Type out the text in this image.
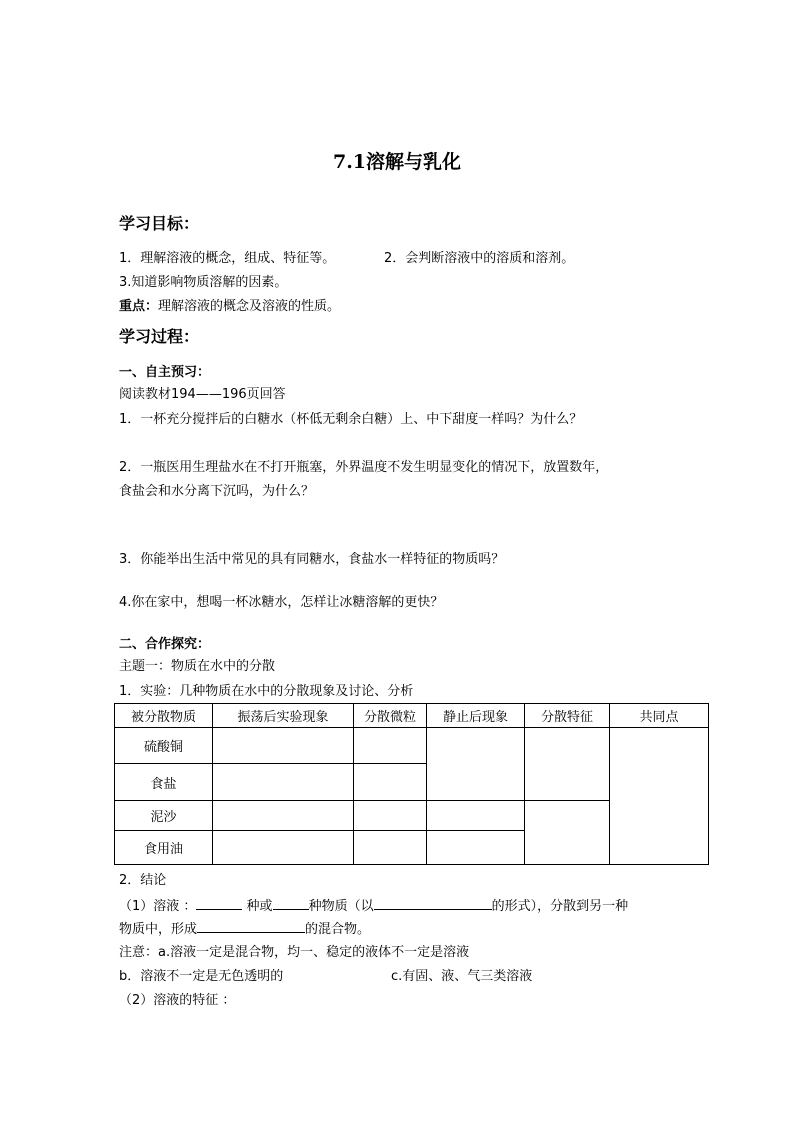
7.1溶解与乳化
学习目标：
1．理解溶液的概念，组成、特征等。	2．会判断溶液中的溶质和溶剂。
3.知道影响物质溶解的因素。
重点：理解溶液的概念及溶液的性质。
学习过程：
一、自主预习：
阅读教材194——196页回答
1．一杯充分搅拌后的白糖水（杯低无剩余白糖）上、中下甜度一样吗？为什么？
2．一瓶医用生理盐水在不打开瓶塞，外界温度不发生明显变化的情况下，放置数年，
食盐会和水分离下沉吗，为什么？
3．你能举出生活中常见的具有同糖水，食盐水一样特征的物质吗？
4.你在家中，想喝一杯冰糖水，怎样让冰糖溶解的更快？
二、合作探究：
主题一：物质在水中的分散
1．实验：几种物质在水中的分散现象及讨论、分析
被分散物质	振荡后实验现象	分散微粒	静止后现象	分散特征	共同点
硫酸铜					
食盐					
泥沙					
食用油					
2．结论
（1）溶液 ：	种或	种物质（以	的形式），分散到另一种
物质中，形成	的混合物。
注意：a.溶液一定是混合物，均一、稳定的液体不一定是溶液
b．溶液不一定是无色透明的	c.有固、液、气三类溶液
（2）溶液的特征 ：
